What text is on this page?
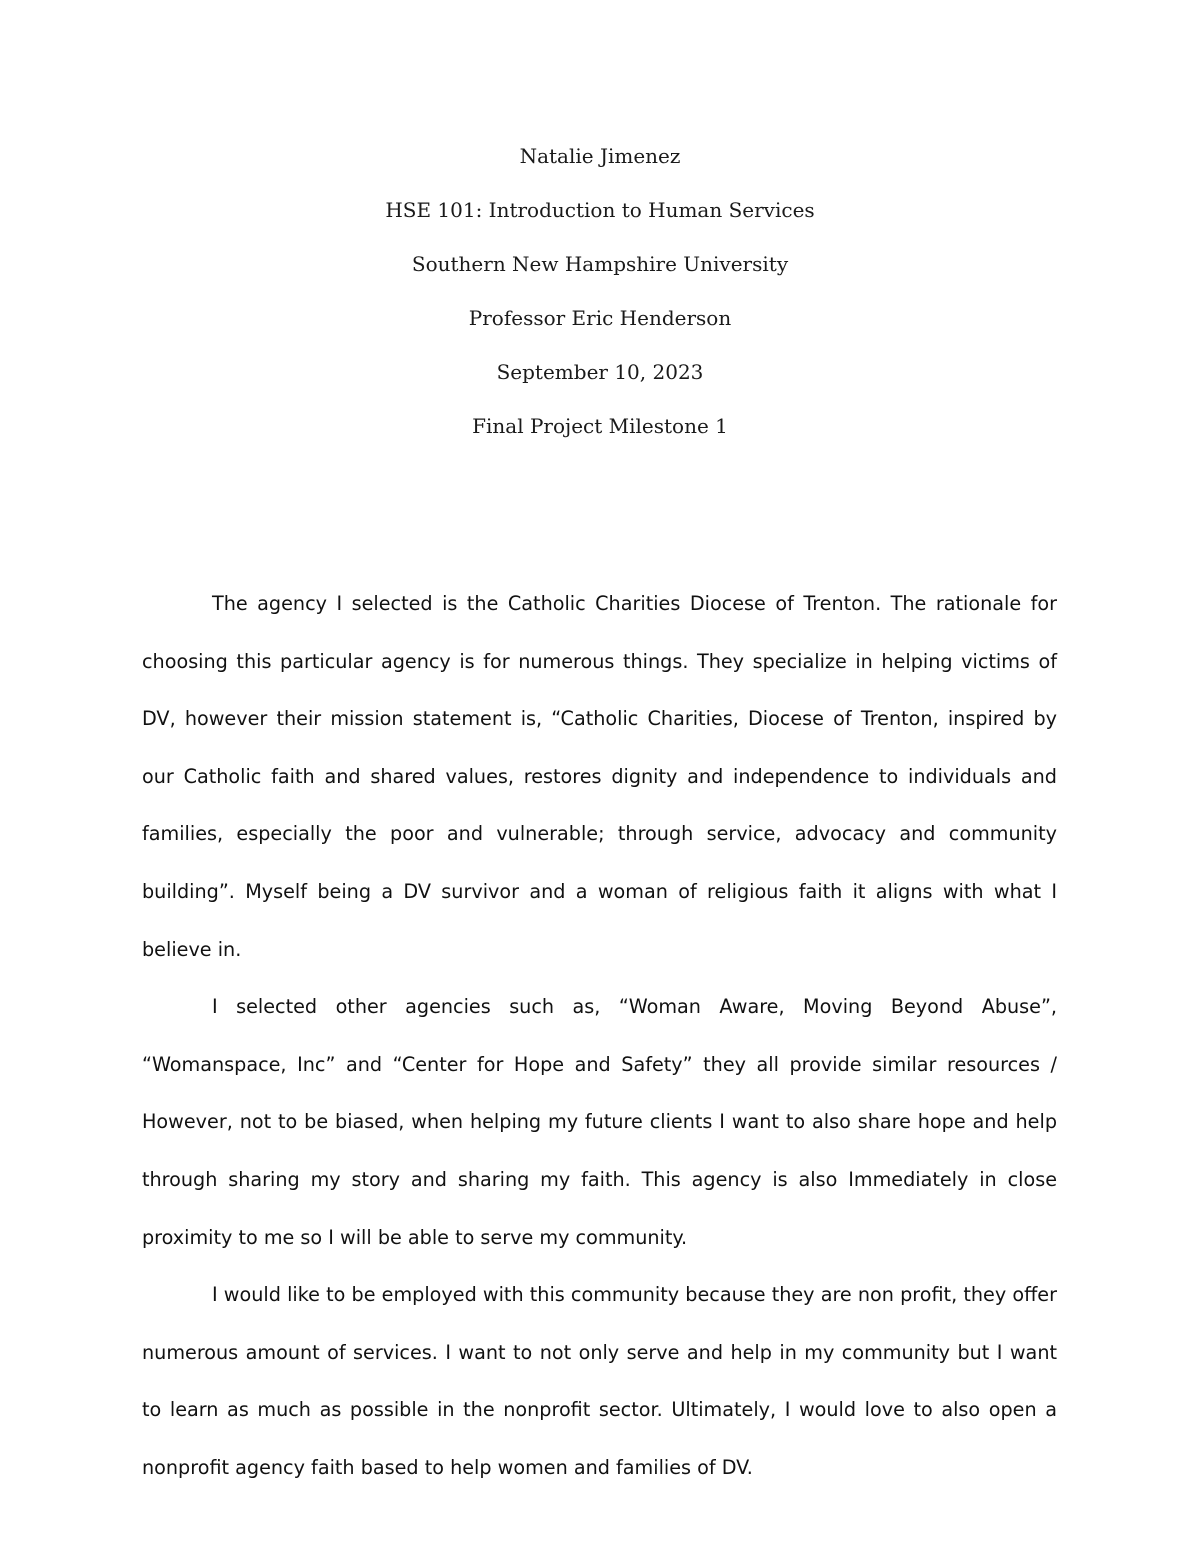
Natalie Jimenez
HSE 101: Introduction to Human Services
Southern New Hampshire University
Professor Eric Henderson
September 10, 2023
Final Project Milestone 1

The agency I selected is the Catholic Charities Diocese of Trenton. The rationale for choosing this particular agency is for numerous things. They specialize in helping victims of DV, however their mission statement is, “Catholic Charities, Diocese of Trenton, inspired by our Catholic faith and shared values, restores dignity and independence to individuals and families, especially the poor and vulnerable; through service, advocacy and community building”. Myself being a DV survivor and a woman of religious faith it aligns with what I believe in.

I selected other agencies such as, “Woman Aware, Moving Beyond Abuse”, “Womanspace, Inc” and “Center for Hope and Safety” they all provide similar resources / However, not to be biased, when helping my future clients I want to also share hope and help through sharing my story and sharing my faith. This agency is also Immediately in close proximity to me so I will be able to serve my community.

I would like to be employed with this community because they are non profit, they offer numerous amount of services. I want to not only serve and help in my community but I want to learn as much as possible in the nonprofit sector. Ultimately, I would love to also open a nonprofit agency faith based to help women and families of DV.
